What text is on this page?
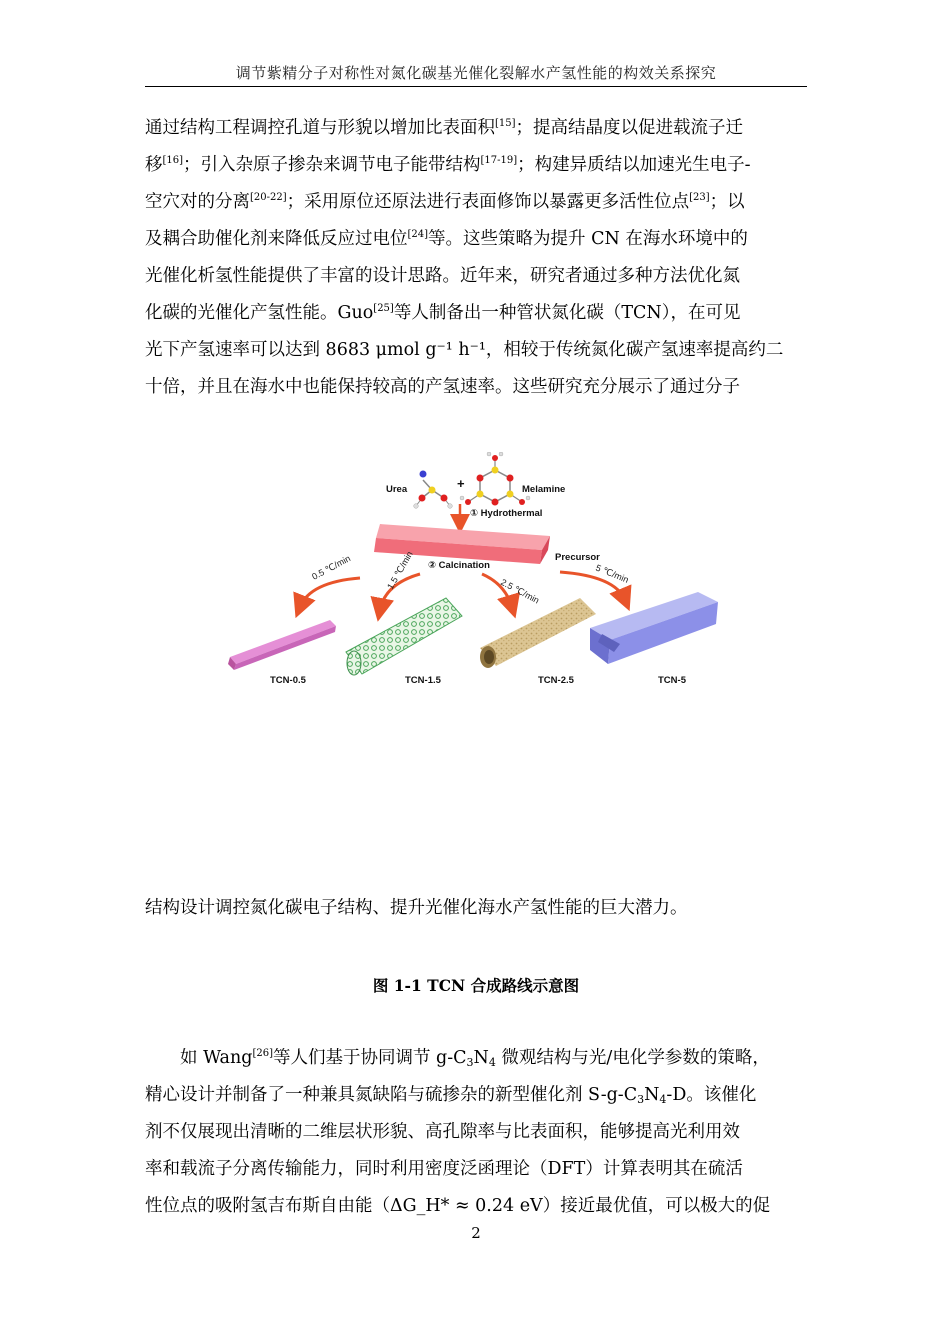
调节紫精分子对称性对氮化碳基光催化裂解水产氢性能的构效关系探究
通过结构工程调控孔道与形貌以增加比表面积[15]；提高结晶度以促进载流子迁
移[16]；引入杂原子掺杂来调节电子能带结构[17-19]；构建异质结以加速光生电子-
空穴对的分离[20-22]；采用原位还原法进行表面修饰以暴露更多活性位点[23]；以
及耦合助催化剂来降低反应过电位[24]等。这些策略为提升 CN 在海水环境中的
光催化析氢性能提供了丰富的设计思路。近年来，研究者通过多种方法优化氮
化碳的光催化产氢性能。Guo[25]等人制备出一种管状氮化碳（TCN），在可见
光下产氢速率可以达到 8683 μmol g⁻¹ h⁻¹，相较于传统氮化碳产氢速率提高约二
十倍，并且在海水中也能保持较高的产氢速率。这些研究充分展示了通过分子
Urea	+	Melamine
① Hydrothermal
Precursor
② Calcination
0.5 ℃/min	1.5 ℃/min
2.5 ℃/min
5 ℃/min
TCN-0.5	TCN-1.5	TCN-2.5	TCN-5
结构设计调控氮化碳电子结构、提升光催化海水产氢性能的巨大潜力。
图 1-1 TCN 合成路线示意图
如 Wang[26]等人们基于协同调节 $g-C_3N_4$ 微观结构与光/电化学参数的策略，
精心设计并制备了一种兼具氮缺陷与硫掺杂的新型催化剂 $S-g-C_3N_4-D$。该催化
剂不仅展现出清晰的二维层状形貌、高孔隙率与比表面积，能够提高光利用效
率和载流子分离传输能力，同时利用密度泛函理论（DFT）计算表明其在硫活
性位点的吸附氢吉布斯自由能（ΔG_H* ≈ 0.24 eV）接近最优值，可以极大的促
2
